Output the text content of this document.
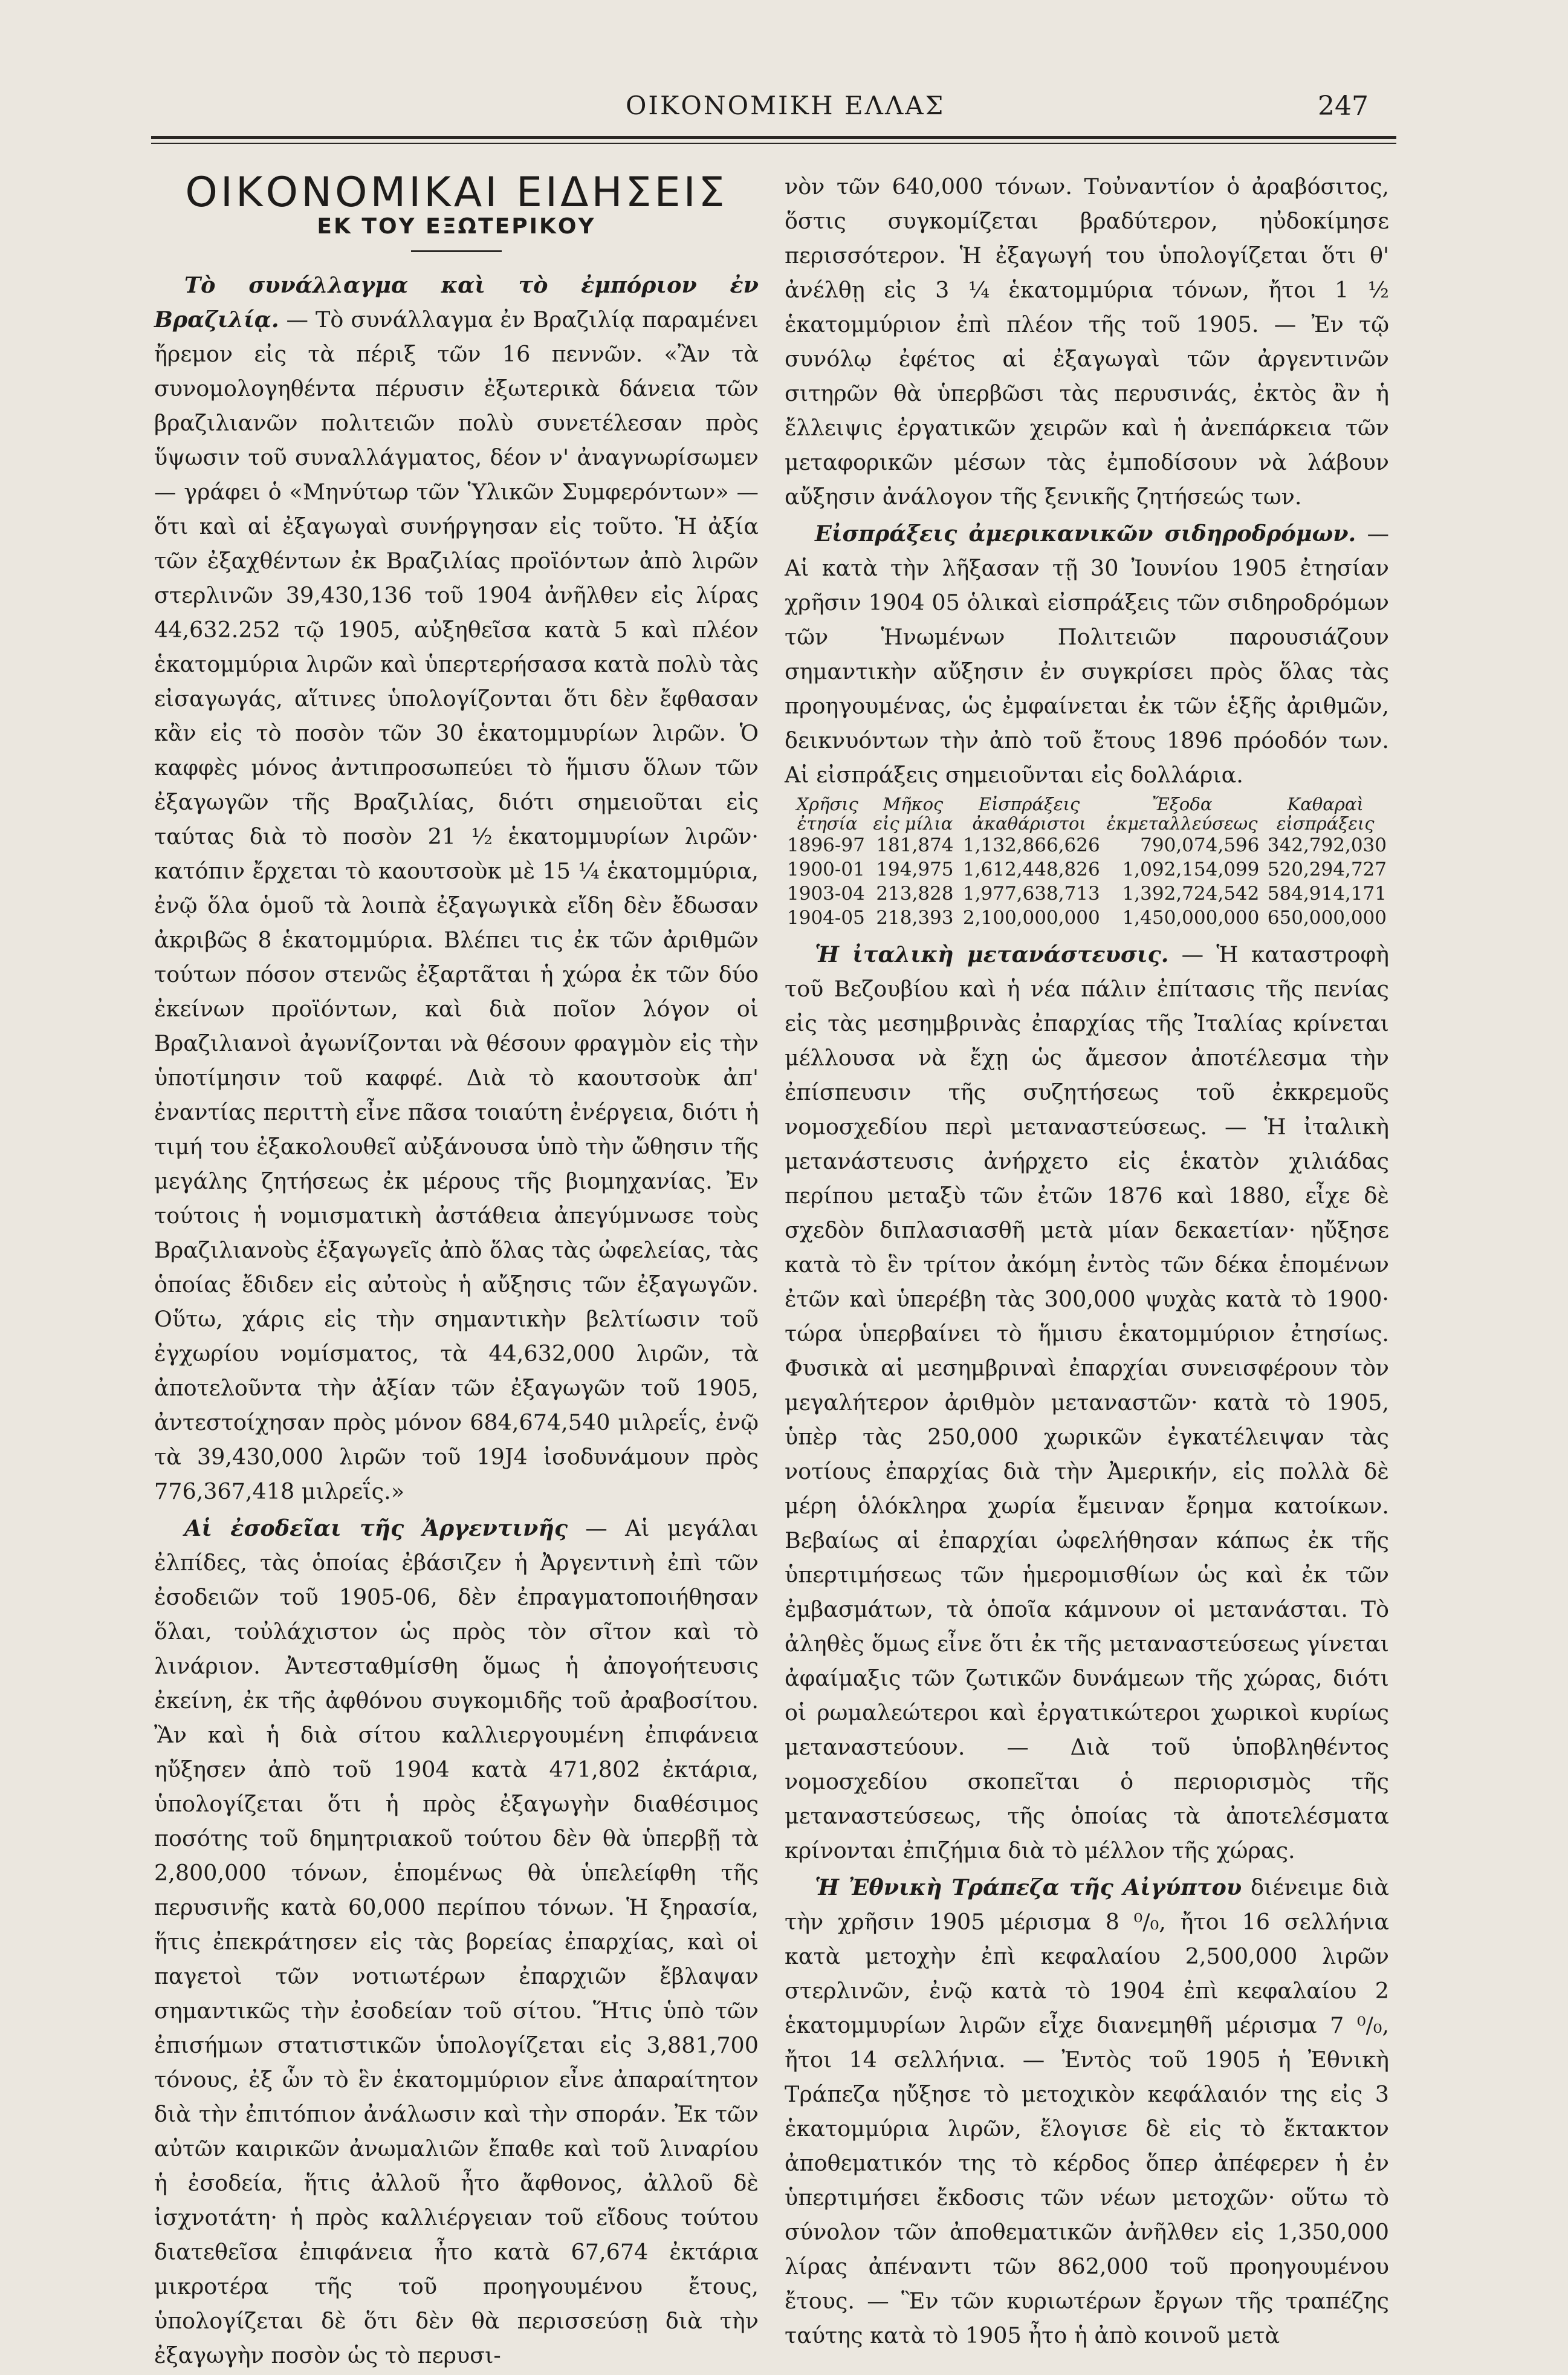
ΟΙΚΟΝΟΜΙΚΗ ΕΛΛΑΣ	247
ΟΙΚΟΝΟΜΙΚΑΙ ΕΙΔΗΣΕΙΣ
ΕΚ ΤΟΥ ΕΞΩΤΕΡΙΚΟΥ

Τὸ συνάλλαγμα καὶ τὸ ἐμπόριον ἐν Βραζιλίᾳ. — Τὸ συνάλλαγμα ἐν Βραζιλίᾳ παραμένει ἤρεμον εἰς τὰ πέριξ τῶν 16 πεννῶν. «Ἂν τὰ συνομολογηθέντα πέρυσιν ἐξωτερικὰ δάνεια τῶν βραζιλιανῶν πολιτειῶν πολὺ συνετέλεσαν πρὸς ὕψωσιν τοῦ συναλλάγματος, δέον ν' ἀναγνωρίσωμεν — γράφει ὁ «Μηνύτωρ τῶν Ὑλικῶν Συμφερόντων» — ὅτι καὶ αἱ ἐξαγωγαὶ συνήργησαν εἰς τοῦτο. Ἡ ἀξία τῶν ἐξαχθέντων ἐκ Βραζιλίας προϊόντων ἀπὸ λιρῶν στερλινῶν 39,430,136 τοῦ 1904 ἀνῆλθεν εἰς λίρας 44,632.252 τῷ 1905, αὐξηθεῖσα κατὰ 5 καὶ πλέον ἑκατομμύρια λιρῶν καὶ ὑπερτερήσασα κατὰ πολὺ τὰς εἰσαγωγάς, αἵτινες ὑπολογίζονται ὅτι δὲν ἔφθασαν κἂν εἰς τὸ ποσὸν τῶν 30 ἑκατομμυρίων λιρῶν. Ὁ καφφὲς μόνος ἀντιπροσωπεύει τὸ ἥμισυ ὅλων τῶν ἐξαγωγῶν τῆς Βραζιλίας, διότι σημειοῦται εἰς ταύτας διὰ τὸ ποσὸν 21 ½ ἑκατομμυρίων λιρῶν· κατόπιν ἔρχεται τὸ καουτσοὺκ μὲ 15 ¼ ἑκατομμύρια, ἐνῷ ὅλα ὁμοῦ τὰ λοιπὰ ἐξαγωγικὰ εἴδη δὲν ἔδωσαν ἀκριβῶς 8 ἑκατομμύρια. Βλέπει τις ἐκ τῶν ἀριθμῶν τούτων πόσον στενῶς ἐξαρτᾶται ἡ χώρα ἐκ τῶν δύο ἐκείνων προϊόντων, καὶ διὰ ποῖον λόγον οἱ Βραζιλιανοὶ ἀγωνίζονται νὰ θέσουν φραγμὸν εἰς τὴν ὑποτίμησιν τοῦ καφφέ. Διὰ τὸ καουτσοὺκ ἀπ' ἐναντίας περιττὴ εἶνε πᾶσα τοιαύτη ἐνέργεια, διότι ἡ τιμή του ἐξακολουθεῖ αὐξάνουσα ὑπὸ τὴν ὤθησιν τῆς μεγάλης ζητήσεως ἐκ μέρους τῆς βιομηχανίας. Ἐν τούτοις ἡ νομισματικὴ ἀστάθεια ἀπεγύμνωσε τοὺς Βραζιλιανοὺς ἐξαγωγεῖς ἀπὸ ὅλας τὰς ὠφελείας, τὰς ὁποίας ἔδιδεν εἰς αὐτοὺς ἡ αὔξησις τῶν ἐξαγωγῶν. Οὕτω, χάρις εἰς τὴν σημαντικὴν βελτίωσιν τοῦ ἐγχωρίου νομίσματος, τὰ 44,632,000 λιρῶν, τὰ ἀποτελοῦντα τὴν ἀξίαν τῶν ἐξαγωγῶν τοῦ 1905, ἀντεστοίχησαν πρὸς μόνον 684,674,540 μιλρεΐς, ἐνῷ τὰ 39,430,000 λιρῶν τοῦ 19J4 ἰσοδυνάμουν πρὸς 776,367,418 μιλρεΐς.»

Αἱ ἐσοδεῖαι τῆς Ἀργεντινῆς — Αἱ μεγάλαι ἐλπίδες, τὰς ὁποίας ἐβάσιζεν ἡ Ἀργεντινὴ ἐπὶ τῶν ἐσοδειῶν τοῦ 1905-06, δὲν ἐπραγματοποιήθησαν ὅλαι, τοὐλάχιστον ὡς πρὸς τὸν σῖτον καὶ τὸ λινάριον. Ἀντεσταθμίσθη ὅμως ἡ ἀπογοήτευσις ἐκείνη, ἐκ τῆς ἀφθόνου συγκομιδῆς τοῦ ἀραβοσίτου. Ἂν καὶ ἡ διὰ σίτου καλλιεργουμένη ἐπιφάνεια ηὔξησεν ἀπὸ τοῦ 1904 κατὰ 471,802 ἐκτάρια, ὑπολογίζεται ὅτι ἡ πρὸς ἐξαγωγὴν διαθέσιμος ποσότης τοῦ δημητριακοῦ τούτου δὲν θὰ ὑπερβῇ τὰ 2,800,000 τόνων, ἑπομένως θὰ ὑπελείφθη τῆς περυσινῆς κατὰ 60,000 περίπου τόνων. Ἡ ξηρασία, ἥτις ἐπεκράτησεν εἰς τὰς βορείας ἐπαρχίας, καὶ οἱ παγετοὶ τῶν νοτιωτέρων ἐπαρχιῶν ἔβλαψαν σημαντικῶς τὴν ἐσοδείαν τοῦ σίτου. Ἥτις ὑπὸ τῶν ἐπισήμων στατιστικῶν ὑπολογίζεται εἰς 3,881,700 τόνους, ἐξ ὧν τὸ ἓν ἑκατομμύριον εἶνε ἀπαραίτητον διὰ τὴν ἐπιτόπιον ἀνάλωσιν καὶ τὴν σποράν. Ἐκ τῶν αὐτῶν καιρικῶν ἀνωμαλιῶν ἔπαθε καὶ τοῦ λιναρίου ἡ ἐσοδεία, ἥτις ἀλλοῦ ἦτο ἄφθονος, ἀλλοῦ δὲ ἰσχνοτάτη· ἡ πρὸς καλλιέργειαν τοῦ εἴδους τούτου διατεθεῖσα ἐπιφάνεια ἦτο κατὰ 67,674 ἐκτάρια μικροτέρα τῆς τοῦ προηγουμένου ἔτους, ὑπολογίζεται δὲ ὅτι δὲν θὰ περισσεύσῃ διὰ τὴν ἐξαγωγὴν ποσὸν ὡς τὸ περυσι-

νὸν τῶν 640,000 τόνων. Τοὐναντίον ὁ ἀραβόσιτος, ὅστις συγκομίζεται βραδύτερον, ηὐδοκίμησε περισσότερον. Ἡ ἐξαγωγή του ὑπολογίζεται ὅτι θ' ἀνέλθῃ εἰς 3 ¼ ἑκατομμύρια τόνων, ἤτοι 1 ½ ἑκατομμύριον ἐπὶ πλέον τῆς τοῦ 1905. — Ἐν τῷ συνόλῳ ἐφέτος αἱ ἐξαγωγαὶ τῶν ἀργεντινῶν σιτηρῶν θὰ ὑπερβῶσι τὰς περυσινάς, ἐκτὸς ἂν ἡ ἔλλειψις ἐργατικῶν χειρῶν καὶ ἡ ἀνεπάρκεια τῶν μεταφορικῶν μέσων τὰς ἐμποδίσουν νὰ λάβουν αὔξησιν ἀνάλογον τῆς ξενικῆς ζητήσεώς των.

Εἰσπράξεις ἀμερικανικῶν σιδηροδρόμων. — Αἱ κατὰ τὴν λῆξασαν τῇ 30 Ἰουνίου 1905 ἐτησίαν χρῆσιν 1904 05 ὁλικαὶ εἰσπράξεις τῶν σιδηροδρόμων τῶν Ἡνωμένων Πολιτειῶν παρουσιάζουν σημαντικὴν αὔξησιν ἐν συγκρίσει πρὸς ὅλας τὰς προηγουμένας, ὡς ἐμφαίνεται ἐκ τῶν ἑξῆς ἀριθμῶν, δεικνυόντων τὴν ἀπὸ τοῦ ἔτους 1896 πρόοδόν των. Αἱ εἰσπράξεις σημειοῦνται εἰς δολλάρια.

Χρῆσις ἐτησία	Μῆκος εἰς μίλια	Εἰσπράξεις ἀκαθάριστοι	Ἔξοδα ἐκμεταλλεύσεως	Καθαραὶ εἰσπράξεις
1896-97	181,874	1,132,866,626	790,074,596	342,792,030
1900-01	194,975	1,612,448,826	1,092,154,099	520,294,727
1903-04	213,828	1,977,638,713	1,392,724,542	584,914,171
1904-05	218,393	2,100,000,000	1,450,000,000	650,000,000

Ἡ ἰταλικὴ μετανάστευσις. — Ἡ καταστροφὴ τοῦ Βεζουβίου καὶ ἡ νέα πάλιν ἐπίτασις τῆς πενίας εἰς τὰς μεσημβρινὰς ἐπαρχίας τῆς Ἰταλίας κρίνεται μέλλουσα νὰ ἔχῃ ὡς ἄμεσον ἀποτέλεσμα τὴν ἐπίσπευσιν τῆς συζητήσεως τοῦ ἐκκρεμοῦς νομοσχεδίου περὶ μεταναστεύσεως. — Ἡ ἰταλικὴ μετανάστευσις ἀνήρχετο εἰς ἑκατὸν χιλιάδας περίπου μεταξὺ τῶν ἐτῶν 1876 καὶ 1880, εἶχε δὲ σχεδὸν διπλασιασθῆ μετὰ μίαν δεκαετίαν· ηὔξησε κατὰ τὸ ἓν τρίτον ἀκόμη ἐντὸς τῶν δέκα ἑπομένων ἐτῶν καὶ ὑπερέβη τὰς 300,000 ψυχὰς κατὰ τὸ 1900· τώρα ὑπερβαίνει τὸ ἥμισυ ἑκατομμύριον ἐτησίως. Φυσικὰ αἱ μεσημβριναὶ ἐπαρχίαι συνεισφέρουν τὸν μεγαλήτερον ἀριθμὸν μεταναστῶν· κατὰ τὸ 1905, ὑπὲρ τὰς 250,000 χωρικῶν ἐγκατέλειψαν τὰς νοτίους ἐπαρχίας διὰ τὴν Ἀμερικήν, εἰς πολλὰ δὲ μέρη ὁλόκληρα χωρία ἔμειναν ἔρημα κατοίκων. Βεβαίως αἱ ἐπαρχίαι ὠφελήθησαν κάπως ἐκ τῆς ὑπερτιμήσεως τῶν ἡμερομισθίων ὡς καὶ ἐκ τῶν ἐμβασμάτων, τὰ ὁποῖα κάμνουν οἱ μετανάσται. Τὸ ἀληθὲς ὅμως εἶνε ὅτι ἐκ τῆς μεταναστεύσεως γίνεται ἀφαίμαξις τῶν ζωτικῶν δυνάμεων τῆς χώρας, διότι οἱ ρωμαλεώτεροι καὶ ἐργατικώτεροι χωρικοὶ κυρίως μεταναστεύουν. — Διὰ τοῦ ὑποβληθέντος νομοσχεδίου σκοπεῖται ὁ περιορισμὸς τῆς μεταναστεύσεως, τῆς ὁποίας τὰ ἀποτελέσματα κρίνονται ἐπιζήμια διὰ τὸ μέλλον τῆς χώρας.

Ἡ Ἐθνικὴ Τράπεζα τῆς Αἰγύπτου διένειμε διὰ τὴν χρῆσιν 1905 μέρισμα 8 ⁰/₀, ἤτοι 16 σελλήνια κατὰ μετοχὴν ἐπὶ κεφαλαίου 2,500,000 λιρῶν στερλινῶν, ἐνῷ κατὰ τὸ 1904 ἐπὶ κεφαλαίου 2 ἑκατομμυρίων λιρῶν εἶχε διανεμηθῆ μέρισμα 7 ⁰/₀, ἤτοι 14 σελλήνια. — Ἐντὸς τοῦ 1905 ἡ Ἐθνικὴ Τράπεζα ηὔξησε τὸ μετοχικὸν κεφάλαιόν της εἰς 3 ἑκατομμύρια λιρῶν, ἔλογισε δὲ εἰς τὸ ἔκτακτον ἀποθεματικόν της τὸ κέρδος ὅπερ ἀπέφερεν ἡ ἐν ὑπερτιμήσει ἔκδοσις τῶν νέων μετοχῶν· οὕτω τὸ σύνολον τῶν ἀποθεματικῶν ἀνῆλθεν εἰς 1,350,000 λίρας ἀπέναντι τῶν 862,000 τοῦ προηγουμένου ἔτους. — Ἓν τῶν κυριωτέρων ἔργων τῆς τραπέζης ταύτης κατὰ τὸ 1905 ἦτο ἡ ἀπὸ κοινοῦ μετὰ
